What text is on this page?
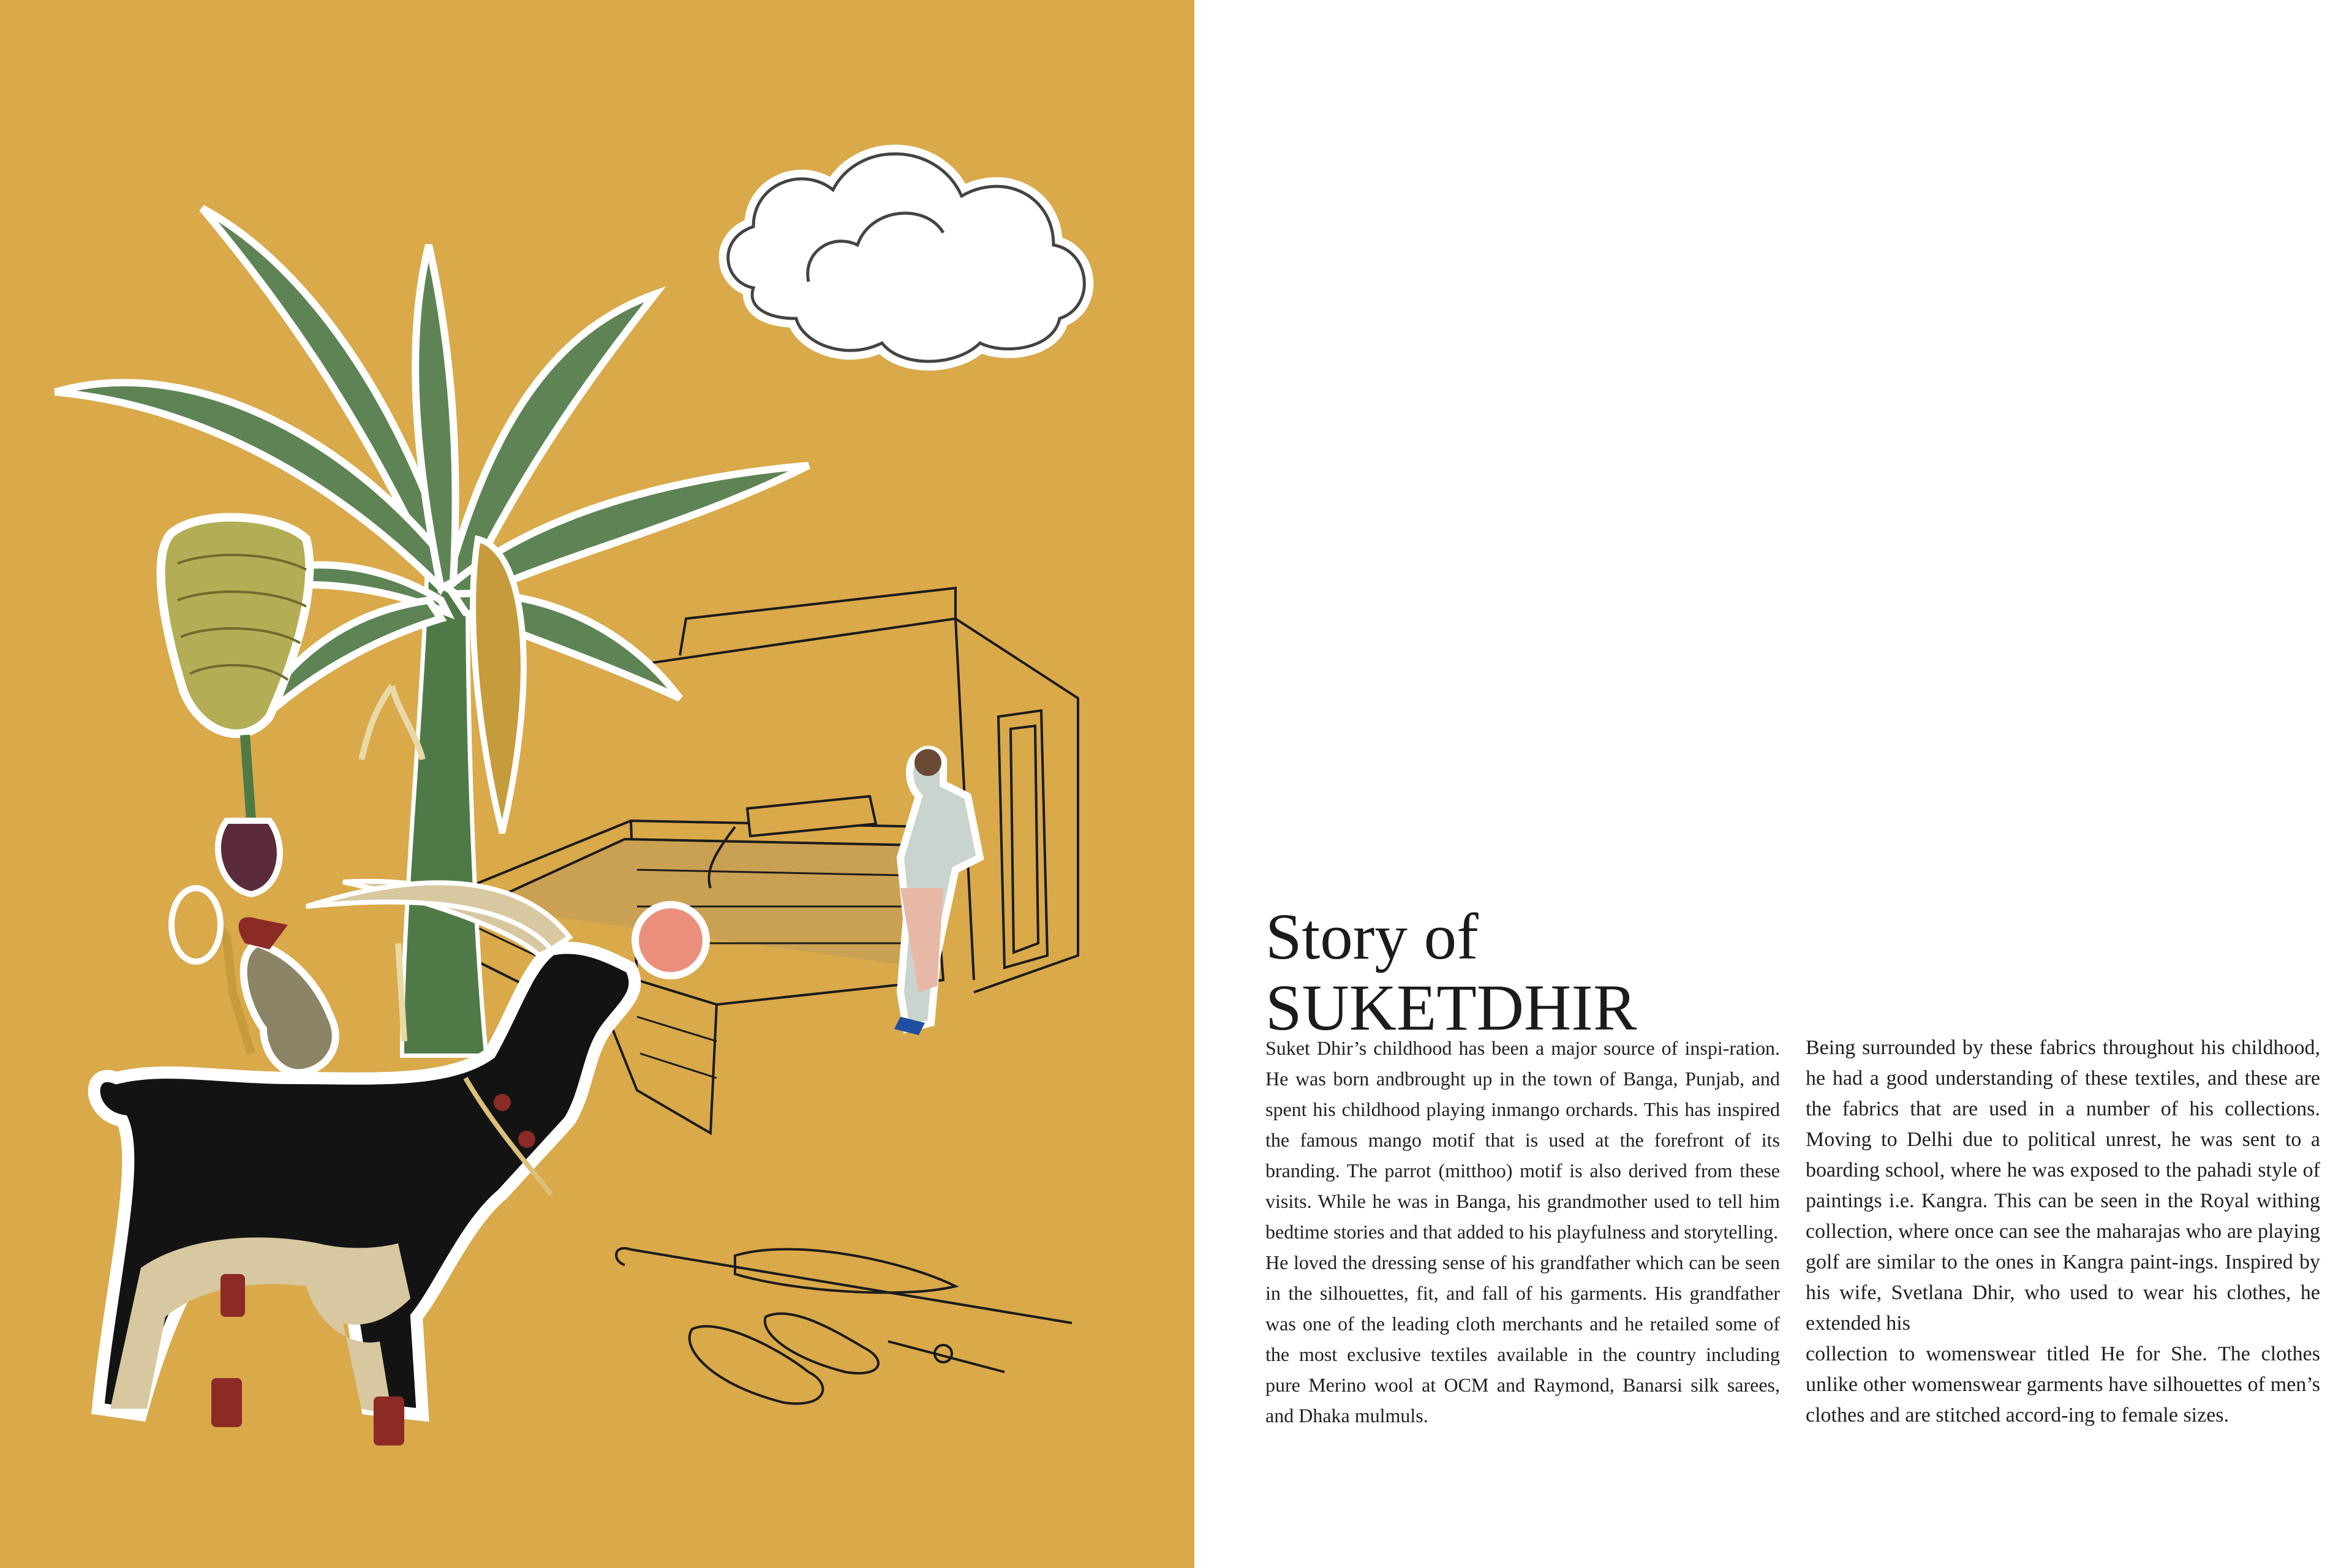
Story of
SUKETDHIR

Suket Dhir’s childhood has been a major source of inspi-ration. He was born andbrought up in the town of Banga, Punjab, and spent his childhood playing inmango orchards. This has inspired the famous mango motif that is used at the forefront of its branding. The parrot (mitthoo) motif is also derived from these visits. While he was in Banga, his grandmother used to tell him bedtime stories and that added to his playfulness and storytelling.

He loved the dressing sense of his grandfather which can be seen in the silhouettes, fit, and fall of his garments. His grandfather was one of the leading cloth merchants and he retailed some of the most exclusive textiles available in the country including pure Merino wool at OCM and Raymond, Banarsi silk sarees, and Dhaka mulmuls.

Being surrounded by these fabrics throughout his childhood, he had a good understanding of these textiles, and these are the fabrics that are used in a number of his collections. Moving to Delhi due to political unrest, he was sent to a boarding school, where he was exposed to the pahadi style of paintings i.e. Kangra. This can be seen in the Royal withing collection, where once can see the maharajas who are playing golf are similar to the ones in Kangra paint-ings. Inspired by his wife, Svetlana Dhir, who used to wear his clothes, he extended his

collection to womenswear titled He for She. The clothes unlike other womenswear garments have silhouettes of men’s clothes and are stitched accord-ing to female sizes.
